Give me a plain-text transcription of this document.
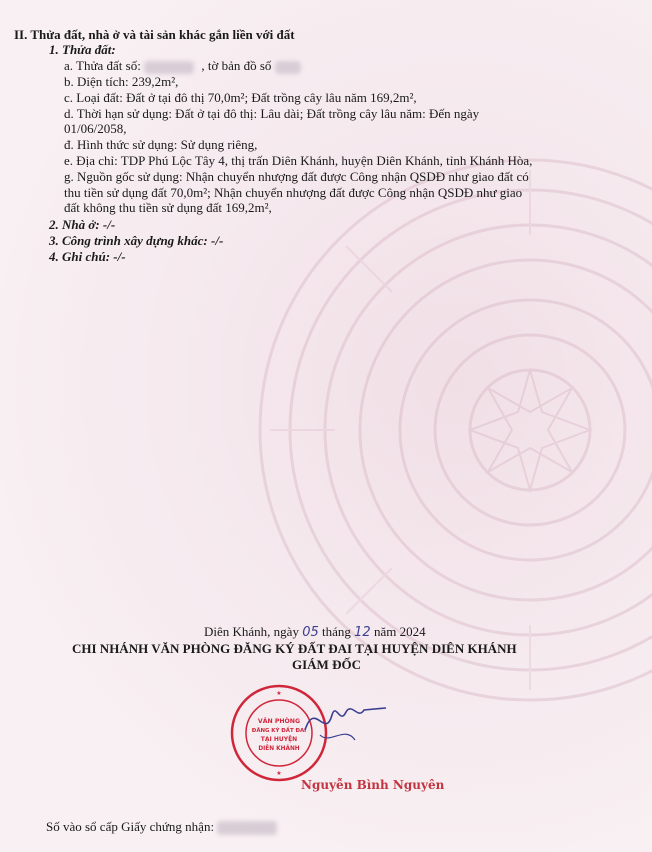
II. Thửa đất, nhà ở và tài sản khác gắn liền với đất
1. Thửa đất:
a. Thửa đất số:	, tờ bản đồ số
b. Diện tích: 239,2m²,
c. Loại đất: Đất ở tại đô thị 70,0m²; Đất trồng cây lâu năm 169,2m²,
d. Thời hạn sử dụng: Đất ở tại đô thị: Lâu dài; Đất trồng cây lâu năm: Đến ngày
01/06/2058,
đ. Hình thức sử dụng: Sử dụng riêng,
e. Địa chỉ: TDP Phú Lộc Tây 4, thị trấn Diên Khánh, huyện Diên Khánh, tỉnh Khánh Hòa,
g. Nguồn gốc sử dụng: Nhận chuyển nhượng đất được Công nhận QSDĐ như giao đất có
thu tiền sử dụng đất 70,0m²; Nhận chuyển nhượng đất được Công nhận QSDĐ như giao
đất không thu tiền sử dụng đất 169,2m²,
2. Nhà ở: -/-
3. Công trình xây dựng khác: -/-
4. Ghi chú: -/-
Diên Khánh, ngày 05 tháng 12 năm 2024
CHI NHÁNH VĂN PHÒNG ĐĂNG KÝ ĐẤT ĐAI TẠI HUYỆN DIÊN KHÁNH
GIÁM ĐỐC
★
★
VĂN PHÒNG
ĐĂNG KÝ ĐẤT ĐAI
TẠI HUYỆN
DIÊN KHÁNH
Nguyễn Bình Nguyên
Số vào sổ cấp Giấy chứng nhận:
